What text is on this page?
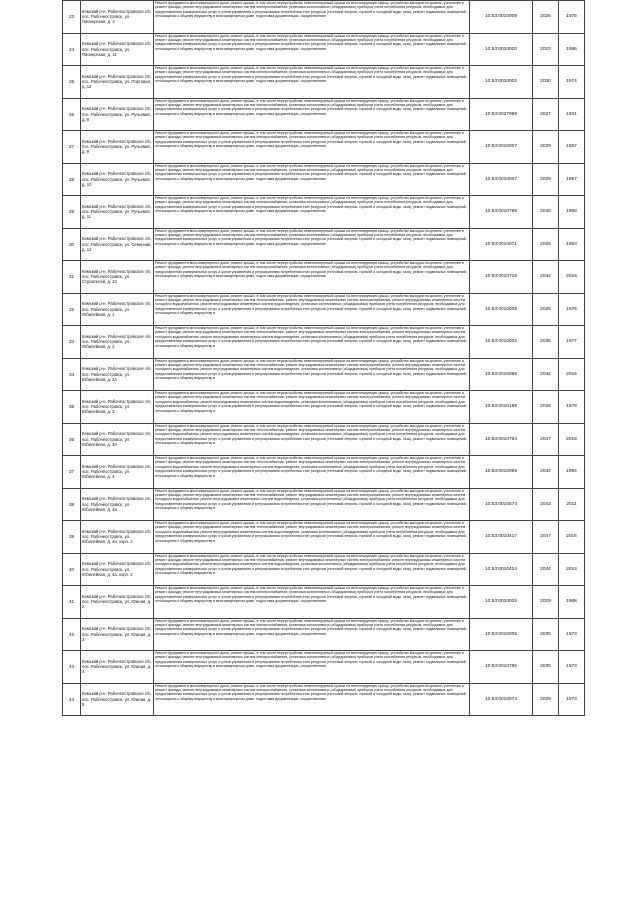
23	Кемский р-н. Рабочеостровское с/п, пос. Рабочеостровск, ул. Пионерская, д. 4	Ремонт фундамента многоквартирного дома, ремонт крыши, в том числе переустройство невентилируемой крыши на вентилируемую крышу, устройство выходов на кровлю, утепление и ремонт фасада, ремонт внутридомовых инженерных систем электроснабжения, установка коллективных (общедомовых) приборов учета потребления ресурсов, необходимых для предоставления коммунальных услуг, и узлов управления и регулирования потребления этих ресурсов (тепловой энергии, горячей и холодной воды, газа), ремонт подвальных помещений, относящихся к общему имуществу в многоквартирном доме, подготовка документации, осуществление	10:53:0010009	2026	1975
24	Кемский р-н. Рабочеостровское с/п, пос. Рабочеостровск, ул. Пионерская, д. 11	Ремонт фундамента многоквартирного дома, ремонт крыши, в том числе переустройство невентилируемой крыши на вентилируемую крышу, устройство выходов на кровлю, утепление и ремонт фасада, ремонт внутридомовых инженерных систем электроснабжения, установка коллективных (общедомовых) приборов учета потребления ресурсов, необходимых для предоставления коммунальных услуг, и узлов управления и регулирования потребления этих ресурсов (тепловой энергии, горячей и холодной воды, газа), ремонт подвальных помещений, относящихся к общему имуществу в многоквартирном доме, подготовка документации, осуществление	10:53:0010020	2023	1986
25	Кемский р-н. Рабочеостровское с/п, пос. Рабочеостровск, ул. Портовая, д. 12	Ремонт фундамента многоквартирного дома, ремонт крыши, в том числе переустройство невентилируемой крыши на вентилируемую крышу, устройство выходов на кровлю, утепление и ремонт фасада, ремонт внутридомовых инженерных систем электроснабжения, установка коллективных (общедомовых) приборов учета потребления ресурсов, необходимых для предоставления коммунальных услуг, и узлов управления и регулирования потребления этих ресурсов (тепловой энергии, горячей и холодной воды, газа), ремонт подвальных помещений, относящихся к общему имуществу в многоквартирном доме, подготовка документации, осуществление	10:53:0010002	2030	1974
26	Кемский р-н. Рабочеостровское с/п, пос. Рабочеостровск, ул. Ручьевая, д. 8	Ремонт фундамента многоквартирного дома, ремонт крыши, в том числе переустройство невентилируемой крыши на вентилируемую крышу, устройство выходов на кровлю, утепление и ремонт фасада, ремонт внутридомовых инженерных систем электроснабжения, установка коллективных (общедомовых) приборов учета потребления ресурсов, необходимых для предоставления коммунальных услуг, и узлов управления и регулирования потребления этих ресурсов (тепловой энергии, горячей и холодной воды, газа), ремонт подвальных помещений, относящихся к общему имуществу в многоквартирном доме, подготовка документации, осуществление	10:53:0027998	2027	1931
27	Кемский р-н. Рабочеостровское с/п, пос. Рабочеостровск, ул. Ручьевая, д. 9	Ремонт фундамента многоквартирного дома, ремонт крыши, в том числе переустройство невентилируемой крыши на вентилируемую крышу, устройство выходов на кровлю, утепление и ремонт фасада, ремонт внутридомовых инженерных систем электроснабжения, установка коллективных (общедомовых) приборов учета потребления ресурсов, необходимых для предоставления коммунальных услуг, и узлов управления и регулирования потребления этих ресурсов (тепловой энергии, горячей и холодной воды, газа), ремонт подвальных помещений, относящихся к общему имуществу в многоквартирном доме, подготовка документации, осуществление	10:53:0010007	2029	1967
28	Кемский р-н. Рабочеостровское с/п, пос. Рабочеостровск, ул. Ручьевая, д. 10	Ремонт фундамента многоквартирного дома, ремонт крыши, в том числе переустройство невентилируемой крыши на вентилируемую крышу, устройство выходов на кровлю, утепление и ремонт фасада, ремонт внутридомовых инженерных систем электроснабжения, установка коллективных (общедомовых) приборов учета потребления ресурсов, необходимых для предоставления коммунальных услуг, и узлов управления и регулирования потребления этих ресурсов (тепловой энергии, горячей и холодной воды, газа), ремонт подвальных помещений, относящихся к общему имуществу в многоквартирном доме, подготовка документации, осуществление	10:53:0010007	2029	1967
29	Кемский р-н. Рабочеостровское с/п, пос. Рабочеостровск, ул. Ручьевая, д. 11	Ремонт фундамента многоквартирного дома, ремонт крыши, в том числе переустройство невентилируемой крыши на вентилируемую крышу, устройство выходов на кровлю, утепление и ремонт фасада, ремонт внутридомовых инженерных систем электроснабжения, установка коллективных (общедомовых) приборов учета потребления ресурсов, необходимых для предоставления коммунальных услуг, и узлов управления и регулирования потребления этих ресурсов (тепловой энергии, горячей и холодной воды, газа), ремонт подвальных помещений, относящихся к общему имуществу в многоквартирном доме, подготовка документации, осуществление	10:53:0010799	2030	1968
30	Кемский р-н. Рабочеостровское с/п, пос. Рабочеостровск, ул. Северная, д. 12	Ремонт фундамента многоквартирного дома, ремонт крыши, в том числе переустройство невентилируемой крыши на вентилируемую крышу, устройство выходов на кровлю, утепление и ремонт фасада, ремонт внутридомовых инженерных систем электроснабжения, установка коллективных (общедомовых) приборов учета потребления ресурсов, необходимых для предоставления коммунальных услуг, и узлов управления и регулирования потребления этих ресурсов (тепловой энергии, горячей и холодной воды, газа), ремонт подвальных помещений, относящихся к общему имуществу в многоквартирном доме, подготовка документации, осуществление	10:53:0010071	2025	1963
31	Кемский р-н. Рабочеостровское с/п, пос. Рабочеостровск, ул. Строителей, д. 24	Ремонт фундамента многоквартирного дома, ремонт крыши, в том числе переустройство невентилируемой крыши на вентилируемую крышу, устройство выходов на кровлю, утепление и ремонт фасада, ремонт внутридомовых инженерных систем электроснабжения, установка коллективных (общедомовых) приборов учета потребления ресурсов, необходимых для предоставления коммунальных услуг, и узлов управления и регулирования потребления этих ресурсов (тепловой энергии, горячей и холодной воды, газа), ремонт подвальных помещений, относящихся к общему имуществу в многоквартирном доме, подготовка документации, осуществление	10:53:0010718	2042	2016
32	Кемский р-н. Рабочеостровское с/п, пос. Рабочеостровск, ул. Юбилейная, д. 1	Ремонт фундамента многоквартирного дома, ремонт крыши, в том числе переустройство невентилируемой крыши на вентилируемую крышу, устройство выходов на кровлю, утепление и ремонт фасада, ремонт внутридомовых инженерных систем теплоснабжения, ремонт внутридомовых инженерных систем электроснабжения, ремонт внутридомовых инженерных систем холодного водоснабжения, ремонт внутридомовых инженерных систем водоотведения, установка коллективных (общедомовых) приборов учета потребления ресурсов, необходимых для предоставления коммунальных услуг, и узлов управления и регулирования потребления этих ресурсов (тепловой энергии, горячей и холодной воды, газа), ремонт подвальных помещений, относящихся к общему имуществу в	10:53:0010009	2025	1975
33	Кемский р-н. Рабочеостровское с/п, пос. Рабочеостровск, ул. Юбилейная, д. 2	Ремонт фундамента многоквартирного дома, ремонт крыши, в том числе переустройство невентилируемой крыши на вентилируемую крышу, устройство выходов на кровлю, утепление и ремонт фасада, ремонт внутридомовых инженерных систем теплоснабжения, ремонт внутридомовых инженерных систем электроснабжения, ремонт внутридомовых инженерных систем холодного водоснабжения, ремонт внутридомовых инженерных систем водоотведения, установка коллективных (общедомовых) приборов учета потребления ресурсов, необходимых для предоставления коммунальных услуг, и узлов управления и регулирования потребления этих ресурсов (тепловой энергии, горячей и холодной воды, газа), ремонт подвальных помещений, относящихся к общему имуществу в	10:53:0010002	2035	1977
34	Кемский р-н. Рабочеостровское с/п, пос. Рабочеостровск, ул. Юбилейная, д. 2А	Ремонт фундамента многоквартирного дома, ремонт крыши, в том числе переустройство невентилируемой крыши на вентилируемую крышу, устройство выходов на кровлю, утепление и ремонт фасада, ремонт внутридомовых инженерных систем теплоснабжения, ремонт внутридомовых инженерных систем электроснабжения, ремонт внутридомовых инженерных систем холодного водоснабжения, ремонт внутридомовых инженерных систем водоотведения, установка коллективных (общедомовых) приборов учета потребления ресурсов, необходимых для предоставления коммунальных услуг, и узлов управления и регулирования потребления этих ресурсов (тепловой энергии, горячей и холодной воды, газа), ремонт подвальных помещений, относящихся к общему имуществу в	10:53:0010069	2042	2016
35	Кемский р-н. Рабочеостровское с/п, пос. Рабочеостровск, ул. Юбилейная, д. 3	Ремонт фундамента многоквартирного дома, ремонт крыши, в том числе переустройство невентилируемой крыши на вентилируемую крышу, устройство выходов на кровлю, утепление и ремонт фасада, ремонт внутридомовых инженерных систем теплоснабжения, ремонт внутридомовых инженерных систем электроснабжения, ремонт внутридомовых инженерных систем холодного водоснабжения, ремонт внутридомовых инженерных систем водоотведения, установка коллективных (общедомовых) приборов учета потребления ресурсов, необходимых для предоставления коммунальных услуг, и узлов управления и регулирования потребления этих ресурсов (тепловой энергии, горячей и холодной воды, газа), ремонт подвальных помещений, относящихся к общему имуществу в	10:53:0010199	2026	1978
36	Кемский р-н. Рабочеостровское с/п, пос. Рабочеостровск, ул. Юбилейная, д. 3А	Ремонт фундамента многоквартирного дома, ремонт крыши, в том числе переустройство невентилируемой крыши на вентилируемую крышу, устройство выходов на кровлю, утепление и ремонт фасада, ремонт внутридомовых инженерных систем теплоснабжения, ремонт внутридомовых инженерных систем электроснабжения, ремонт внутридомовых инженерных систем холодного водоснабжения, ремонт внутридомовых инженерных систем водоотведения, установка коллективных (общедомовых) приборов учета потребления ресурсов, необходимых для предоставления коммунальных услуг, и узлов управления и регулирования потребления этих ресурсов (тепловой энергии, горячей и холодной воды, газа), ремонт подвальных помещений, относящихся к общему имуществу в	10:53:0010764	2047	2018
37	Кемский р-н. Рабочеостровское с/п, пос. Рабочеостровск, ул. Юбилейная, д. 4	Ремонт фундамента многоквартирного дома, ремонт крыши, в том числе переустройство невентилируемой крыши на вентилируемую крышу, устройство выходов на кровлю, утепление и ремонт фасада, ремонт внутридомовых инженерных систем теплоснабжения, ремонт внутридомовых инженерных систем электроснабжения, ремонт внутридомовых инженерных систем холодного водоснабжения, ремонт внутридомовых инженерных систем водоотведения, установка коллективных (общедомовых) приборов учета потребления ресурсов, необходимых для предоставления коммунальных услуг, и узлов управления и регулирования потребления этих ресурсов (тепловой энергии, горячей и холодной воды, газа), ремонт подвальных помещений, относящихся к общему имуществу в	10:53:0010069	2042	1994
38	Кемский р-н. Рабочеостровское с/п, пос. Рабочеостровск, ул. Юбилейная, д. 4а	Ремонт фундамента многоквартирного дома, ремонт крыши, в том числе переустройство невентилируемой крыши на вентилируемую крышу, устройство выходов на кровлю, утепление и ремонт фасада, ремонт внутридомовых инженерных систем теплоснабжения, ремонт внутридомовых инженерных систем электроснабжения, ремонт внутридомовых инженерных систем холодного водоснабжения, ремонт внутридомовых инженерных систем водоотведения, установка коллективных (общедомовых) приборов учета потребления ресурсов, необходимых для предоставления коммунальных услуг, и узлов управления и регулирования потребления этих ресурсов (тепловой энергии, горячей и холодной воды, газа), ремонт подвальных помещений, относящихся к общему имуществу в	10:53:0010574	2043	2011
39	Кемский р-н. Рабочеостровское с/п, пос. Рабочеостровск, ул. Юбилейная, д. 4а, корп. 1	Ремонт фундамента многоквартирного дома, ремонт крыши, в том числе переустройство невентилируемой крыши на вентилируемую крышу, устройство выходов на кровлю, утепление и ремонт фасада, ремонт внутридомовых инженерных систем теплоснабжения, ремонт внутридомовых инженерных систем электроснабжения, ремонт внутридомовых инженерных систем холодного водоснабжения, ремонт внутридомовых инженерных систем водоотведения, установка коллективных (общедомовых) приборов учета потребления ресурсов, необходимых для предоставления коммунальных услуг, и узлов управления и регулирования потребления этих ресурсов (тепловой энергии, горячей и холодной воды, газа), ремонт подвальных помещений, относящихся к общему имуществу в	10:53:0010417	2047	2016
40	Кемский р-н. Рабочеостровское с/п, пос. Рабочеостровск, ул. Юбилейная, д. 4а, корп. 2	Ремонт фундамента многоквартирного дома, ремонт крыши, в том числе переустройство невентилируемой крыши на вентилируемую крышу, устройство выходов на кровлю, утепление и ремонт фасада, ремонт внутридомовых инженерных систем теплоснабжения, ремонт внутридомовых инженерных систем электроснабжения, ремонт внутридомовых инженерных систем холодного водоснабжения, ремонт внутридомовых инженерных систем водоотведения, установка коллективных (общедомовых) приборов учета потребления ресурсов, необходимых для предоставления коммунальных услуг, и узлов управления и регулирования потребления этих ресурсов (тепловой энергии, горячей и холодной воды, газа), ремонт подвальных помещений, относящихся к общему имуществу в	10:53:0010424	2044	2013
41	Кемский р-н. Рабочеостровское с/п, пос. Рабочеостровск, ул. Южная, д. 2	Ремонт фундамента многоквартирного дома, ремонт крыши, в том числе переустройство невентилируемой крыши на вентилируемую крышу, устройство выходов на кровлю, утепление и ремонт фасада, ремонт внутридомовых инженерных систем электроснабжения, установка коллективных (общедомовых) приборов учета потребления ресурсов, необходимых для предоставления коммунальных услуг, и узлов управления и регулирования потребления этих ресурсов (тепловой энергии, горячей и холодной воды, газа), ремонт подвальных помещений, относящихся к общему имуществу в многоквартирном доме, подготовка документации, осуществление	10:53:0010025	2029	1968
42	Кемский р-н. Рабочеостровское с/п, пос. Рабочеостровск, ул. Южная, д. 3	Ремонт фундамента многоквартирного дома, ремонт крыши, в том числе переустройство невентилируемой крыши на вентилируемую крышу, устройство выходов на кровлю, утепление и ремонт фасада, ремонт внутридомовых инженерных систем электроснабжения, установка коллективных (общедомовых) приборов учета потребления ресурсов, необходимых для предоставления коммунальных услуг, и узлов управления и регулирования потребления этих ресурсов (тепловой энергии, горячей и холодной воды, газа), ремонт подвальных помещений, относящихся к общему имуществу в многоквартирном доме, подготовка документации, осуществление	10:53:0010005	2030	1973
43	Кемский р-н. Рабочеостровское с/п, пос. Рабочеостровск, ул. Южная, д. 4	Ремонт фундамента многоквартирного дома, ремонт крыши, в том числе переустройство невентилируемой крыши на вентилируемую крышу, устройство выходов на кровлю, утепление и ремонт фасада, ремонт внутридомовых инженерных систем электроснабжения, установка коллективных (общедомовых) приборов учета потребления ресурсов, необходимых для предоставления коммунальных услуг, и узлов управления и регулирования потребления этих ресурсов (тепловой энергии, горячей и холодной воды, газа), ремонт подвальных помещений, относящихся к общему имуществу в многоквартирном доме, подготовка документации, осуществление	10:53:0010795	2030	1973
44	Кемский р-н. Рабочеостровское с/п, пос. Рабочеостровск, ул. Южная, д. 5	Ремонт фундамента многоквартирного дома, ремонт крыши, в том числе переустройство невентилируемой крыши на вентилируемую крышу, устройство выходов на кровлю, утепление и ремонт фасада, ремонт внутридомовых инженерных систем электроснабжения, установка коллективных (общедомовых) приборов учета потребления ресурсов, необходимых для предоставления коммунальных услуг, и узлов управления и регулирования потребления этих ресурсов (тепловой энергии, горячей и холодной воды, газа), ремонт подвальных помещений, относящихся к общему имуществу в многоквартирном доме, подготовка документации, осуществление	10:53:0010074	2029	1973
